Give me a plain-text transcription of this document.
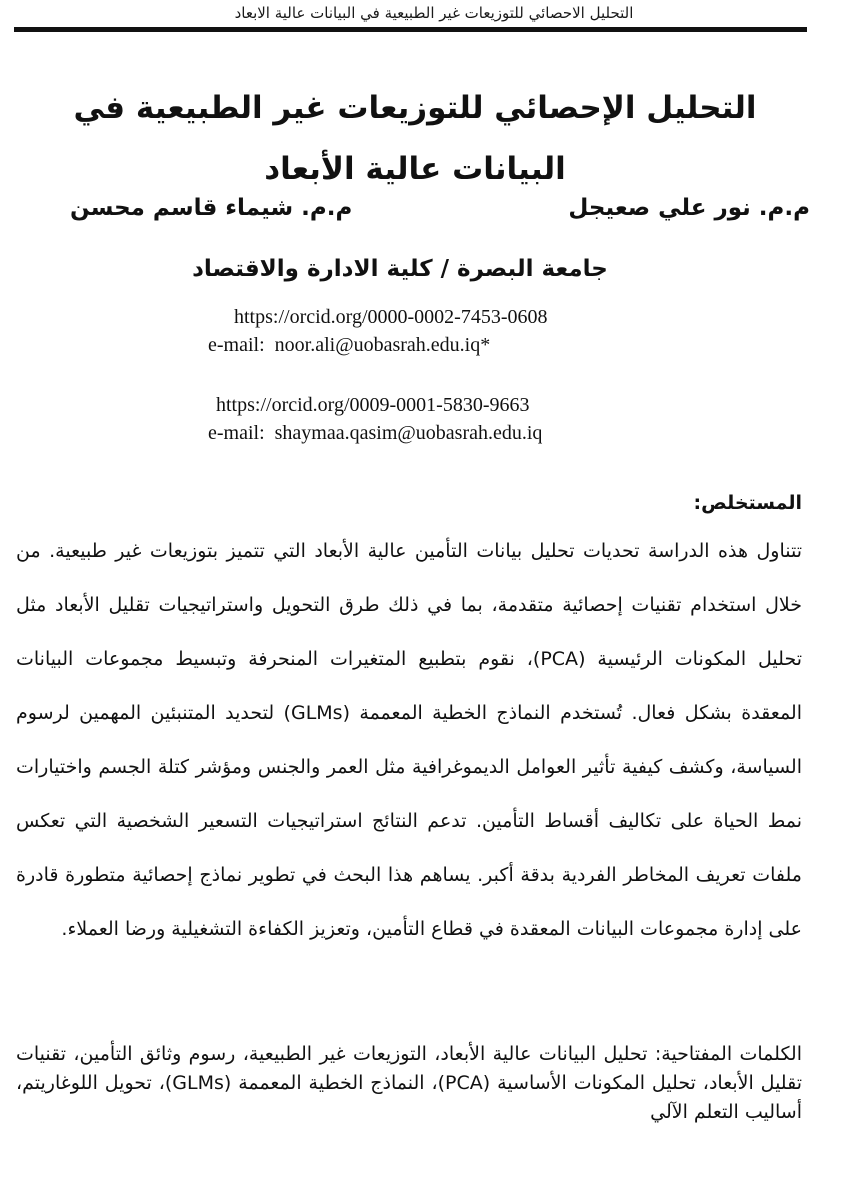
التحليل الاحصائي للتوزيعات غير الطبيعية في البيانات عالية الابعاد
التحليل الإحصائي للتوزيعات غير الطبيعية في البيانات عالية الأبعاد
م.م. نور علي صعيجل
م.م. شيماء قاسم محسن
جامعة البصرة / كلية الادارة والاقتصاد
https://orcid.org/0000-0002-7453-0608
e-mail: noor.ali@uobasrah.edu.iq*
https://orcid.org/0009-0001-5830-9663
e-mail: shaymaa.qasim@uobasrah.edu.iq
المستخلص:

تتناول هذه الدراسة تحديات تحليل بيانات التأمين عالية الأبعاد التي تتميز بتوزيعات غير طبيعية. من خلال استخدام تقنيات إحصائية متقدمة، بما في ذلك طرق التحويل واستراتيجيات تقليل الأبعاد مثل تحليل المكونات الرئيسية (PCA)، نقوم بتطبيع المتغيرات المنحرفة وتبسيط مجموعات البيانات المعقدة بشكل فعال. تُستخدم النماذج الخطية المعممة (GLMs) لتحديد المتنبئين المهمين لرسوم السياسة، وكشف كيفية تأثير العوامل الديموغرافية مثل العمر والجنس ومؤشر كتلة الجسم واختيارات نمط الحياة على تكاليف أقساط التأمين. تدعم النتائج استراتيجيات التسعير الشخصية التي تعكس ملفات تعريف المخاطر الفردية بدقة أكبر. يساهم هذا البحث في تطوير نماذج إحصائية متطورة قادرة على إدارة مجموعات البيانات المعقدة في قطاع التأمين، وتعزيز الكفاءة التشغيلية ورضا العملاء.

الكلمات المفتاحية: تحليل البيانات عالية الأبعاد، التوزيعات غير الطبيعية، رسوم وثائق التأمين، تقنيات تقليل الأبعاد، تحليل المكونات الأساسية (PCA)، النماذج الخطية المعممة (GLMs)، تحويل اللوغاريتم، أساليب التعلم الآلي
